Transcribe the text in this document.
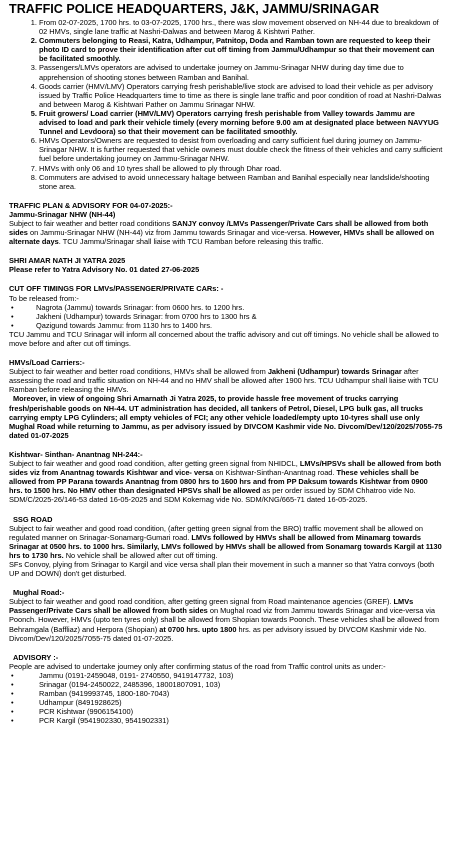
TRAFFIC POLICE HEADQUARTERS, J&K, JAMMU/SRINAGAR
1. From 02-07-2025, 1700 hrs. to 03-07-2025, 1700 hrs., there was slow movement observed on NH-44 due to breakdown of 02 HMVs, single lane traffic at Nashri-Dalwas and between Marog & Kishtwri Pather.
2. Commuters belonging to Reasi, Katra, Udhampur, Patnitop, Doda and Ramban town are requested to keep their photo ID card to prove their identification after cut off timing from Jammu/Udhampur so that their movement can be facilitated smoothly.
3. Passengers/LMVs operators are advised to undertake journey on Jammu-Srinagar NHW during day time due to apprehension of shooting stones between Ramban and Banihal.
4. Goods carrier (HMV/LMV) Operators carrying fresh perishable/live stock are advised to load their vehicle as per advisory issued by Traffic Police Headquarters time to time as there is single lane traffic and poor condition of road at Nashri-Dalwas and between Marog & Kishtwari Pather on Jammu Srinagar NHW.
5. Fruit growers/ Load carrier (HMV/LMV) Operators carrying fresh perishable from Valley towards Jammu are advised to load and park their vehicle timely (every morning before 9.00 am at designated place between NAVYUG Tunnel and Levdoora) so that their movement can be facilitated smoothly.
6. HMVs Operators/Owners are requested to desist from overloading and carry sufficient fuel during journey on Jammu-Srinagar NHW. It is further requested that vehicle owners must double check the fitness of their vehicles and carry sufficient fuel before undertaking journey on Jammu-Srinagar NHW.
7. HMVs with only 06 and 10 tyres shall be allowed to ply through Dhar road.
8. Commuters are advised to avoid unnecessary haltage between Ramban and Banihal especially near landslide/shooting stone area.
TRAFFIC PLAN & ADVISORY FOR 04-07-2025:-
Jammu-Srinagar NHW (NH-44)

Subject to fair weather and better road conditions SANJY convoy /LMVs Passenger/Private Cars shall be allowed from both sides on Jammu-Srinagar NHW (NH-44) viz from Jammu towards Srinagar and vice-versa. However, HMVs shall be allowed on alternate days. TCU Jammu/Srinagar shall liaise with TCU Ramban before releasing this traffic.

SHRI AMAR NATH JI YATRA 2025
Please refer to Yatra Advisory No. 01 dated 27-06-2025
CUT OFF TIMINGS FOR LMVs/PASSENGER/PRIVATE CARs: -
To be released from:-
• Nagrota (Jammu) towards Srinagar: from 0600 hrs. to 1200 hrs.
• Jakheni (Udhampur) towards Srinagar: from 0700 hrs to 1300 hrs &
• Qazigund towards Jammu: from 1130 hrs to 1400 hrs.

TCU Jammu and TCU Srinagar will inform all concerned about the traffic advisory and cut off timings. No vehicle shall be allowed to move before and after cut off timings.

HMVs/Load Carriers:-

Subject to fair weather and better road conditions, HMVs shall be allowed from Jakheni (Udhampur) towards Srinagar after assessing the road and traffic situation on NH-44 and no HMV shall be allowed after 1900 hrs. TCU Udhampur shall liaise with TCU Ramban before releasing the HMVs.

Moreover, in view of ongoing Shri Amarnath Ji Yatra 2025, to provide hassle free movement of trucks carrying fresh/perishable goods on NH-44. UT administration has decided, all tankers of Petrol, Diesel, LPG bulk gas, all trucks carrying empty LPG Cylinders; all empty vehicles of FCI; any other vehicle loaded/empty upto 10-tyres shall use only Mughal Road while returning to Jammu, as per advisory issued by DIVCOM Kashmir vide No. Divcom/Dev/120/2025/7055-75 dated 01-07-2025

Kishtwar- Sinthan- Anantnag NH-244:-

Subject to fair weather and good road condition, after getting green signal from NHIDCL, LMVs/HPSVs shall be allowed from both sides viz from Anantnag towards Kishtwar and vice- versa on Kishtwar-Sinthan-Anantnag road. These vehicles shall be allowed from PP Parana towards Anantnag from 0800 hrs to 1600 hrs and from PP Daksum towards Kishtwar from 0900 hrs. to 1500 hrs. No HMV other than designated HPSVs shall be allowed as per order issued by SDM Chhatroo vide No. SDM/C/2025-26/146-53 dated 16-05-2025 and SDM Kokernag vide No. SDM/KNG/665-71 dated 16-05-2025.

SSG ROAD

Subject to fair weather and good road condition, (after getting green signal from the BRO) traffic movement shall be allowed on regulated manner on Srinagar-Sonamarg-Gumari road. LMVs followed by HMVs shall be allowed from Minamarg towards Srinagar at 0500 hrs. to 1000 hrs. Similarly, LMVs followed by HMVs shall be allowed from Sonamarg towards Kargil at 1130 hrs to 1730 hrs. No vehicle shall be allowed after cut off timing.

SFs Convoy, plying from Srinagar to Kargil and vice versa shall plan their movement in such a manner so that Yatra convoys (both UP and DOWN) don't get disturbed.

Mughal Road:-

Subject to fair weather and good road condition, after getting green signal from Road maintenance agencies (GREF). LMVs Passenger/Private Cars shall be allowed from both sides on Mughal road viz from Jammu towards Srinagar and vice-versa via Poonch. However, HMVs (upto ten tyres only) shall be allowed from Shopian towards Poonch. These vehicles shall be allowed from Behramgala (Baffliaz) and Herpora (Shopian) at 0700 hrs. upto 1800 hrs. as per advisory issued by DIVCOM Kashmir vide No. Divcom/Dev/120/2025/7055-75 dated 01-07-2025.

ADVISORY :-

People are advised to undertake journey only after confirming status of the road from Traffic control units as under:-

• Jammu (0191-2459048, 0191- 2740550, 9419147732, 103)
• Srinagar (0194-2450022, 2485396, 18001807091, 103)
• Ramban (9419993745, 1800-180-7043)
• Udhampur (8491928625)
• PCR Kishtwar (9906154100)
• PCR Kargil (9541902330, 9541902331)
